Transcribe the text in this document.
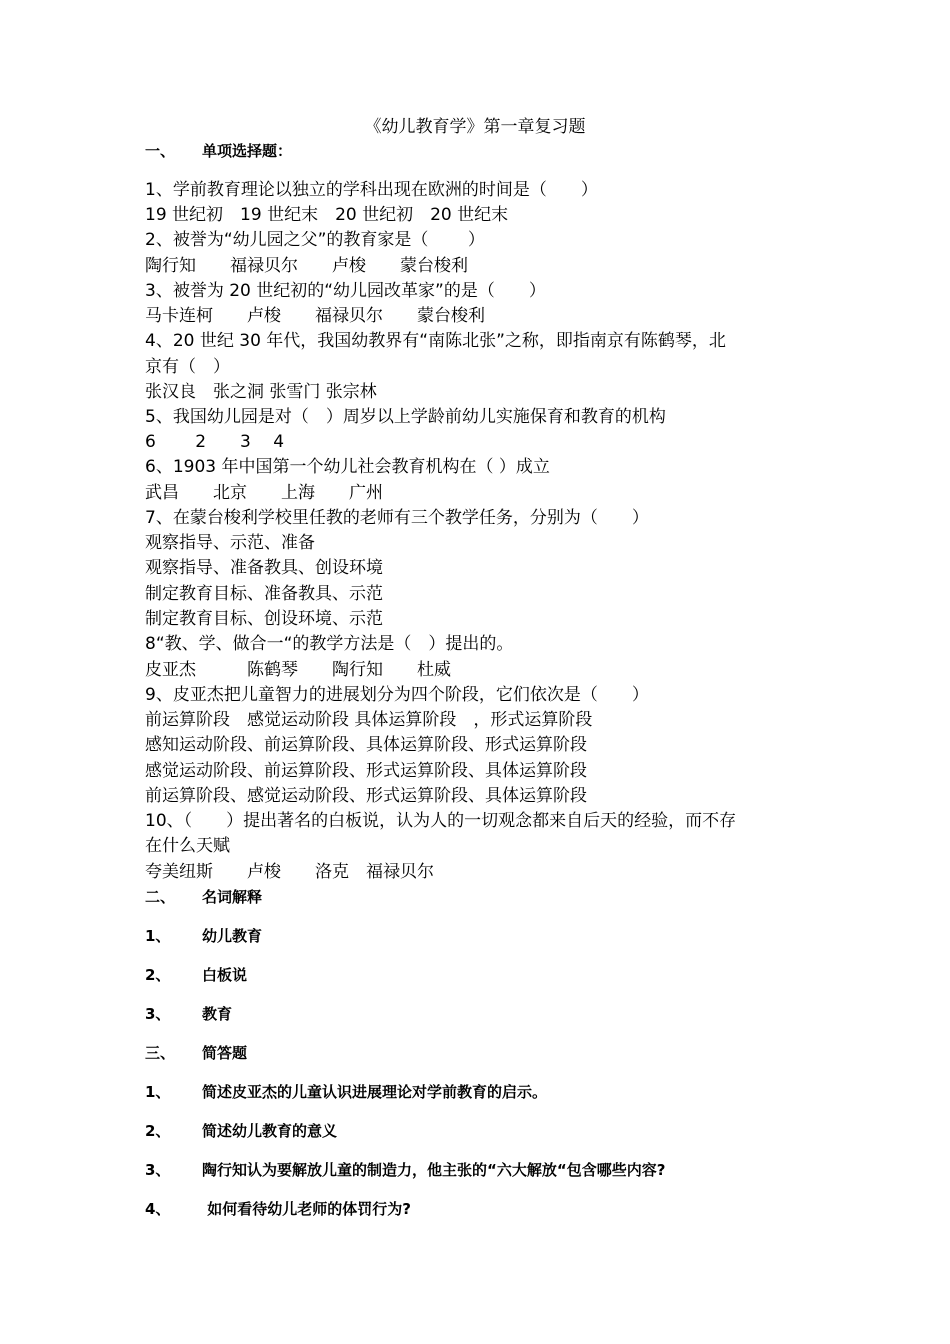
《幼儿教育学》第一章复习题
一、 单项选择题：
1、学前教育理论以独立的学科出现在欧洲的时间是（　　）
19 世纪初　19 世纪末　20 世纪初　20 世纪末
2、被誉为“幼儿园之父”的教育家是（　　 ）
陶行知　　福禄贝尔　　卢梭　　蒙台梭利
3、被誉为 20 世纪初的“幼儿园改革家”的是（　　）
马卡连柯　　卢梭　　福禄贝尔　　蒙台梭利
4、20 世纪 30 年代，我国幼教界有“南陈北张”之称，即指南京有陈鹤琴，北
京有（　）
张汉良　张之洞 张雪门 张宗林
5、我国幼儿园是对（　）周岁以上学龄前幼儿实施保育和教育的机构
6　　 2　　3　 4
6、1903 年中国第一个幼儿社会教育机构在（ ）成立
武昌　　北京　　上海　　广州
7、在蒙台梭利学校里任教的老师有三个教学任务，分别为（　　）
观察指导、示范、准备
观察指导、准备教具、创设环境
制定教育目标、准备教具、示范
制定教育目标、创设环境、示范
8“教、学、做合一“的教学方法是（　）提出的。
皮亚杰　　　陈鹤琴　　陶行知　　杜威
9、皮亚杰把儿童智力的进展划分为四个阶段，它们依次是（　　）
前运算阶段　感觉运动阶段 具体运算阶段　，形式运算阶段
感知运动阶段、前运算阶段、具体运算阶段、形式运算阶段
感觉运动阶段、前运算阶段、形式运算阶段、具体运算阶段
前运算阶段、感觉运动阶段、形式运算阶段、具体运算阶段
10、（　　）提出著名的白板说，认为人的一切观念都来自后天的经验，而不存
在什么天赋
夸美纽斯　　卢梭　　洛克　福禄贝尔
二、 名词解释
1、 幼儿教育
2、 白板说
3、 教育
三、 简答题
1、 简述皮亚杰的儿童认识进展理论对学前教育的启示。
2、 简述幼儿教育的意义
3、 陶行知认为要解放儿童的制造力，他主张的“六大解放“包含哪些内容?
4、 如何看待幼儿老师的体罚行为?
